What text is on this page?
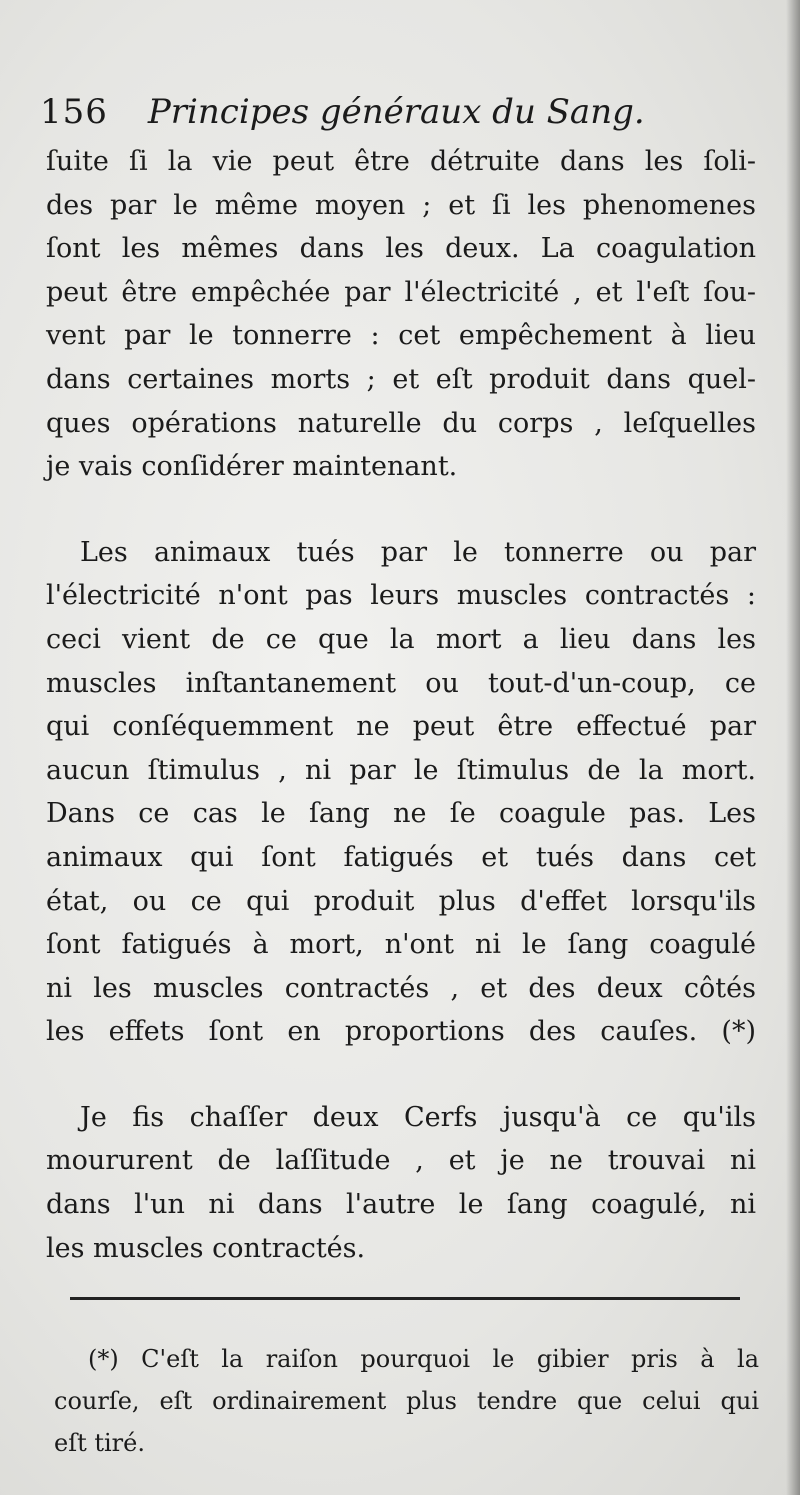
156 Principes généraux du Sang.
ſuite ſi la vie peut être détruite dans les ſoli-
des par le même moyen ; et ſi les phenomenes
ſont les mêmes dans les deux. La coagulation
peut être empêchée par l'électricité , et l'eſt ſou-
vent par le tonnerre : cet empêchement à lieu
dans certaines morts ; et eſt produit dans quel-
ques opérations naturelle du corps , leſquelles
je vais conſidérer maintenant.
Les animaux tués par le tonnerre ou par
l'électricité n'ont pas leurs muscles contractés :
ceci vient de ce que la mort a lieu dans les
muscles inſtantanement ou tout-d'un-coup, ce
qui conſéquemment ne peut être effectué par
aucun ſtimulus , ni par le ſtimulus de la mort.
Dans ce cas le ſang ne ſe coagule pas. Les
animaux qui ſont fatigués et tués dans cet
état, ou ce qui produit plus d'effet lorsqu'ils
ſont fatigués à mort, n'ont ni le ſang coagulé
ni les muscles contractés , et des deux côtés
les effets ſont en proportions des cauſes. (*)
Je fis chaſſer deux Cerfs jusqu'à ce qu'ils
moururent de laſſitude , et je ne trouvai ni
dans l'un ni dans l'autre le ſang coagulé, ni
les muscles contractés.
(*) C'eſt la raiſon pourquoi le gibier pris à la
courſe, eſt ordinairement plus tendre que celui qui
eſt tiré.
